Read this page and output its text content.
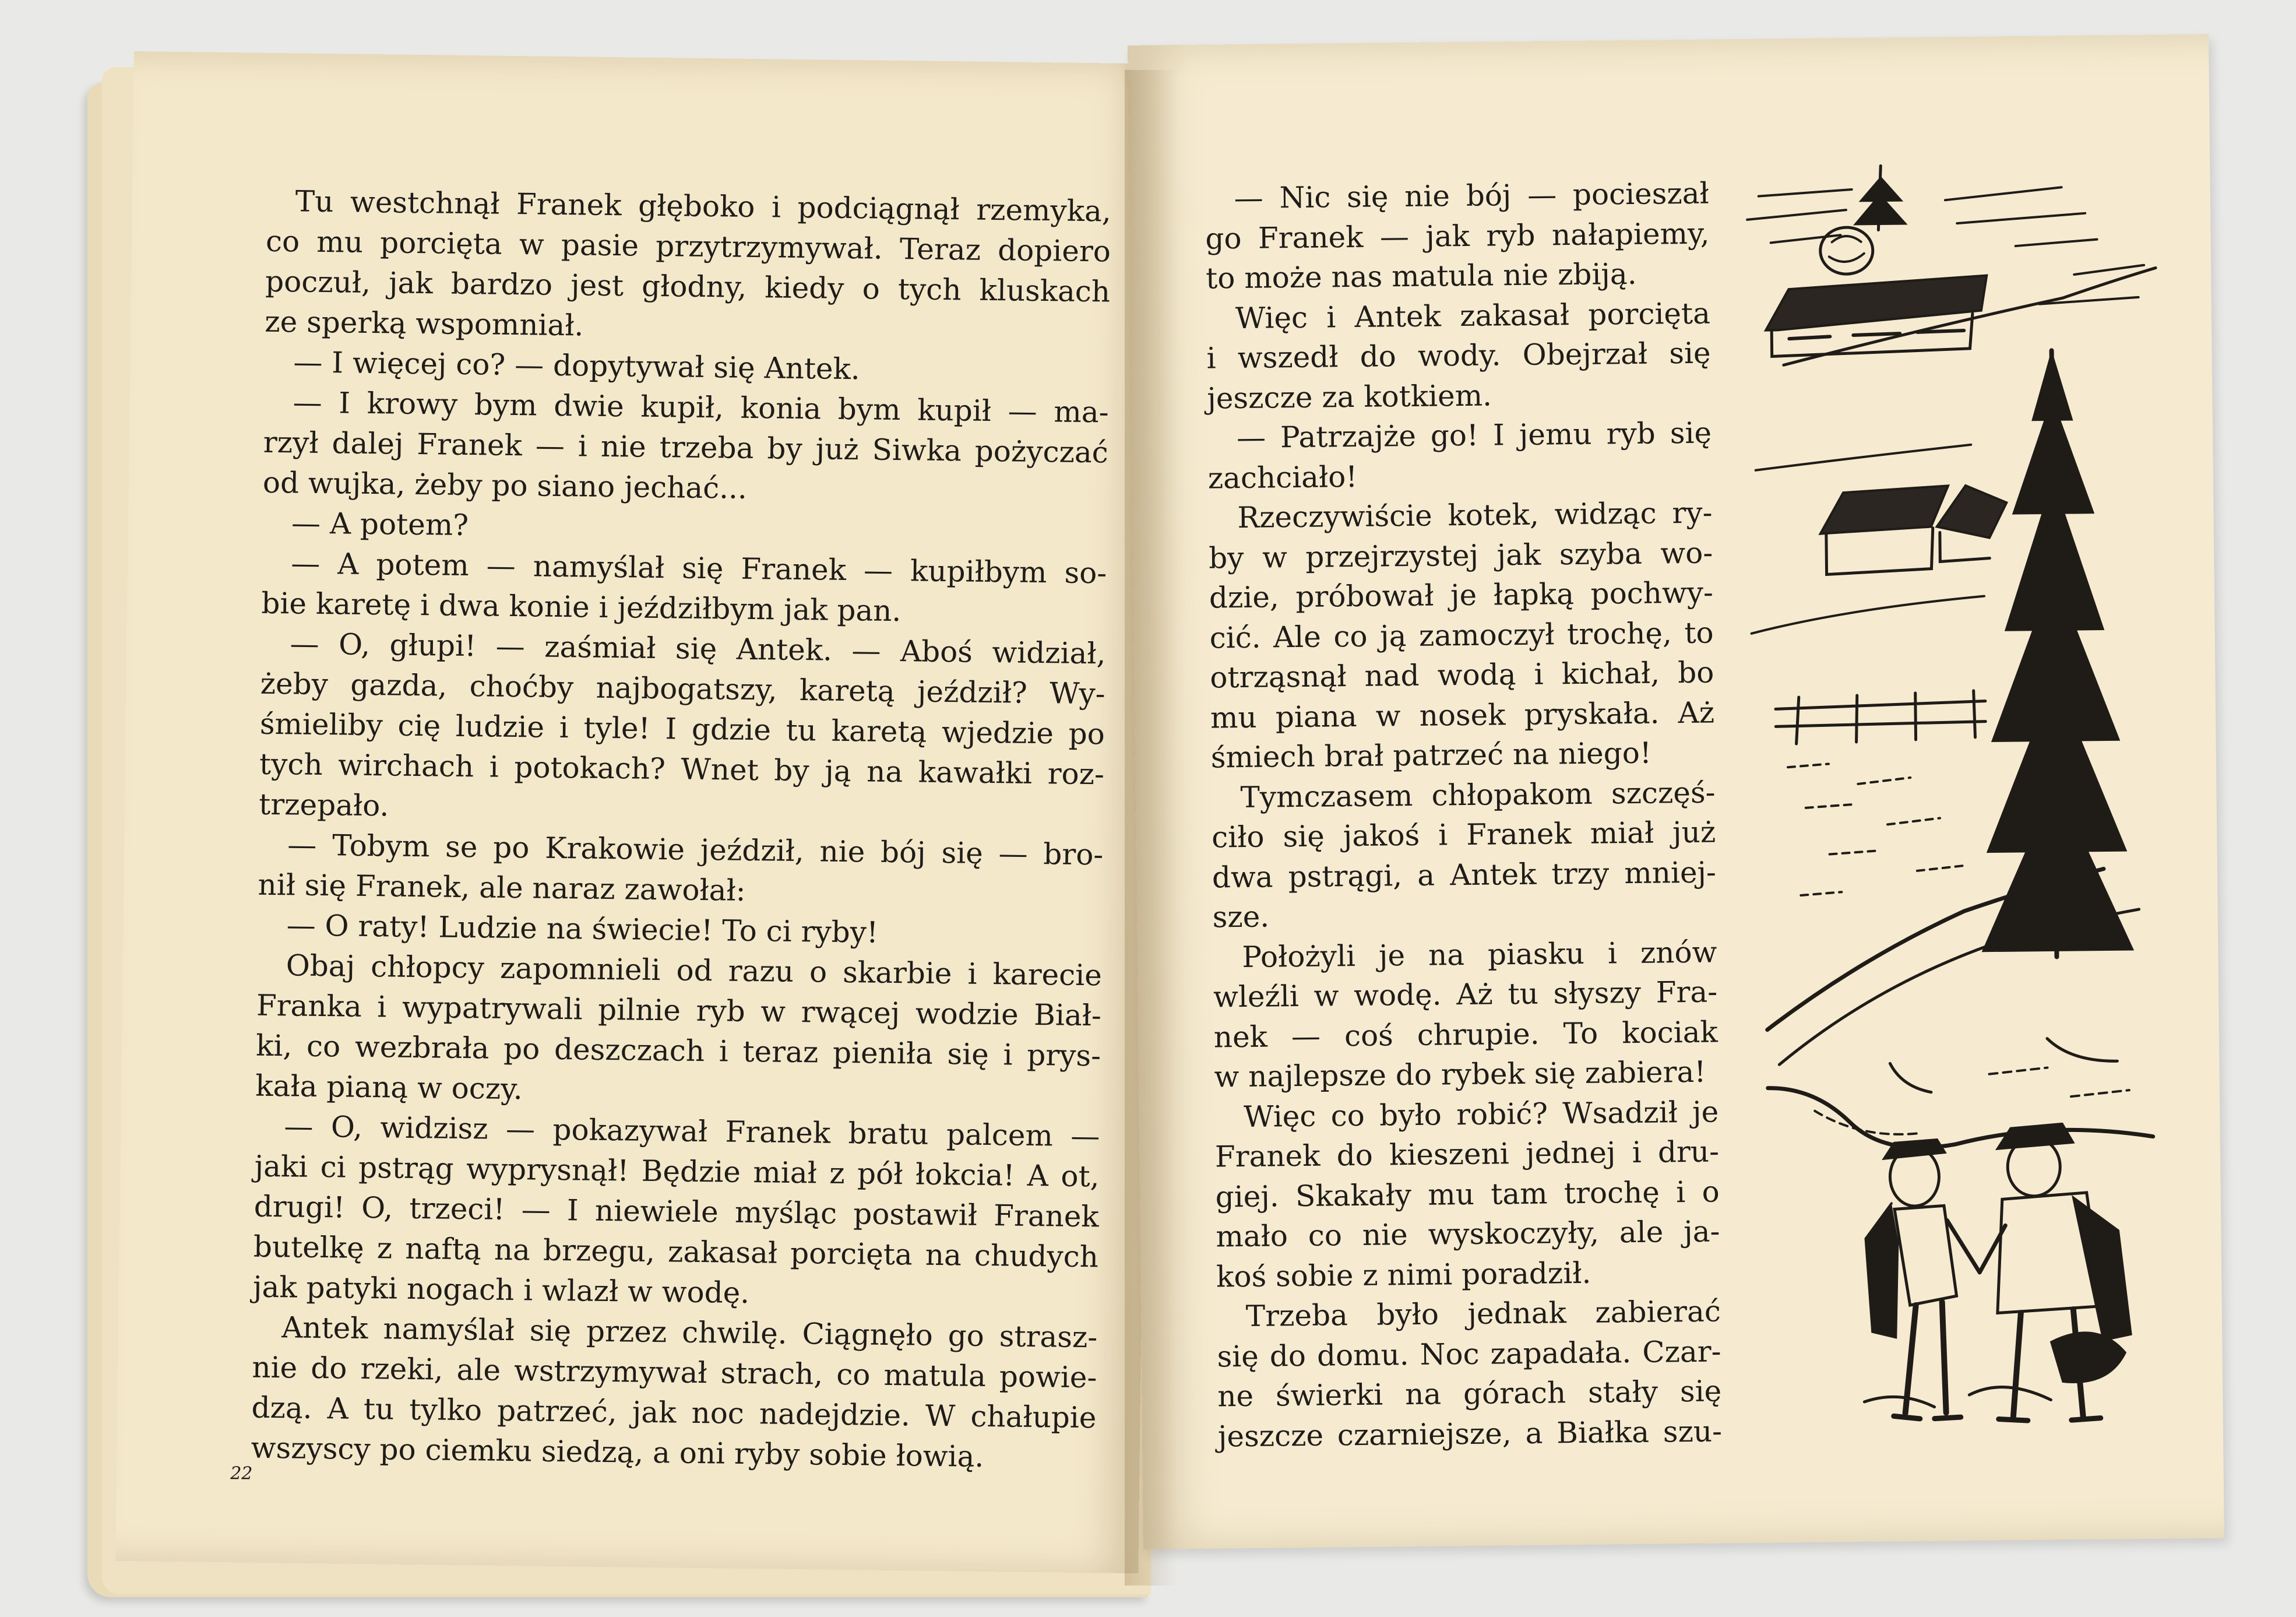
Tu westchnął Franek głęboko i podciągnął rzemyka,
co mu porcięta w pasie przytrzymywał. Teraz dopiero
poczuł, jak bardzo jest głodny, kiedy o tych kluskach
ze sperką wspomniał.
— I więcej co? — dopytywał się Antek.
— I krowy bym dwie kupił, konia bym kupił — ma-
rzył dalej Franek — i nie trzeba by już Siwka pożyczać
od wujka, żeby po siano jechać...
— A potem?
— A potem — namyślał się Franek — kupiłbym so-
bie karetę i dwa konie i jeździłbym jak pan.
— O, głupi! — zaśmiał się Antek. — Aboś widział,
żeby gazda, choćby najbogatszy, karetą jeździł? Wy-
śmieliby cię ludzie i tyle! I gdzie tu karetą wjedzie po
tych wirchach i potokach? Wnet by ją na kawałki roz-
trzepało.
— Tobym se po Krakowie jeździł, nie bój się — bro-
nił się Franek, ale naraz zawołał:
— O raty! Ludzie na świecie! To ci ryby!
Obaj chłopcy zapomnieli od razu o skarbie i karecie
Franka i wypatrywali pilnie ryb w rwącej wodzie Biał-
ki, co wezbrała po deszczach i teraz pieniła się i prys-
kała pianą w oczy.
— O, widzisz — pokazywał Franek bratu palcem —
jaki ci pstrąg wyprysnął! Będzie miał z pół łokcia! A ot,
drugi! O, trzeci! — I niewiele myśląc postawił Franek
butelkę z naftą na brzegu, zakasał porcięta na chudych
jak patyki nogach i wlazł w wodę.
Antek namyślał się przez chwilę. Ciągnęło go strasz-
nie do rzeki, ale wstrzymywał strach, co matula powie-
dzą. A tu tylko patrzeć, jak noc nadejdzie. W chałupie
wszyscy po ciemku siedzą, a oni ryby sobie łowią.
22
— Nic się nie bój — pocieszał
go Franek — jak ryb nałapiemy,
to może nas matula nie zbiją.
Więc i Antek zakasał porcięta
i wszedł do wody. Obejrzał się
jeszcze za kotkiem.
— Patrzajże go! I jemu ryb się
zachciało!
Rzeczywiście kotek, widząc ry-
by w przejrzystej jak szyba wo-
dzie, próbował je łapką pochwy-
cić. Ale co ją zamoczył trochę, to
otrząsnął nad wodą i kichał, bo
mu piana w nosek pryskała. Aż
śmiech brał patrzeć na niego!
Tymczasem chłopakom szczęś-
ciło się jakoś i Franek miał już
dwa pstrągi, a Antek trzy mniej-
sze.
Położyli je na piasku i znów
wleźli w wodę. Aż tu słyszy Fra-
nek — coś chrupie. To kociak
w najlepsze do rybek się zabiera!
Więc co było robić? Wsadził je
Franek do kieszeni jednej i dru-
giej. Skakały mu tam trochę i o
mało co nie wyskoczyły, ale ja-
koś sobie z nimi poradził.
Trzeba było jednak zabierać
się do domu. Noc zapadała. Czar-
ne świerki na górach stały się
jeszcze czarniejsze, a Białka szu-
